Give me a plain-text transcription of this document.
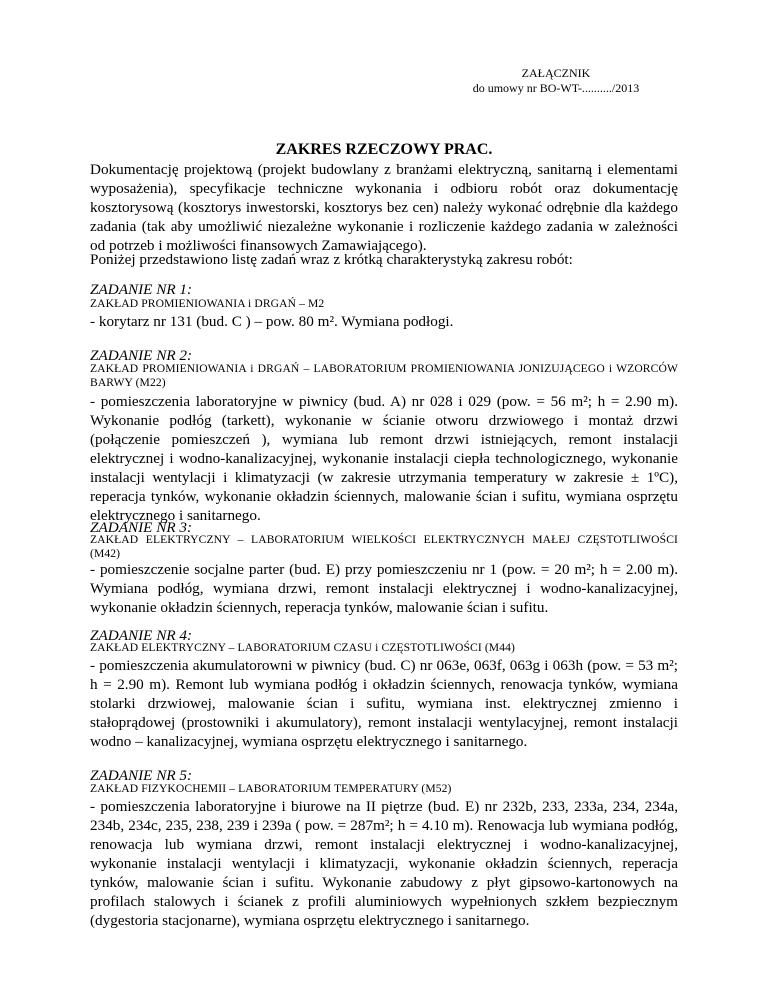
ZAŁĄCZNIK
do umowy nr BO-WT-........../2013
ZAKRES RZECZOWY PRAC.
Dokumentację projektową (projekt budowlany z branżami elektryczną, sanitarną i elementami wyposażenia), specyfikacje techniczne wykonania i odbioru robót oraz dokumentację kosztorysową (kosztorys inwestorski, kosztorys bez cen) należy wykonać odrębnie dla każdego zadania (tak aby umożliwić niezależne wykonanie i rozliczenie każdego zadania w zależności od potrzeb i możliwości finansowych Zamawiającego).
Poniżej przedstawiono listę zadań wraz z krótką charakterystyką zakresu robót:
ZADANIE NR 1:
ZAKŁAD PROMIENIOWANIA i DRGAŃ – M2
- korytarz nr 131 (bud. C ) – pow. 80 m². Wymiana podłogi.
ZADANIE NR 2:
ZAKŁAD PROMIENIOWANIA i DRGAŃ – LABORATORIUM PROMIENIOWANIA JONIZUJĄCEGO i WZORCÓW BARWY (M22)
- pomieszczenia laboratoryjne w piwnicy (bud. A) nr 028 i 029 (pow. = 56 m²; h = 2.90 m). Wykonanie podłóg (tarkett), wykonanie w ścianie otworu drzwiowego i montaż drzwi (połączenie pomieszczeń ), wymiana lub remont drzwi istniejących, remont instalacji elektrycznej i wodno-kanalizacyjnej, wykonanie instalacji ciepła technologicznego, wykonanie instalacji wentylacji i klimatyzacji (w zakresie utrzymania temperatury w zakresie ± 1ºC), reperacja tynków, wykonanie okładzin ściennych, malowanie ścian i sufitu, wymiana osprzętu elektrycznego i sanitarnego.
ZADANIE NR 3:
ZAKŁAD ELEKTRYCZNY – LABORATORIUM WIELKOŚCI ELEKTRYCZNYCH MAŁEJ CZĘSTOTLIWOŚCI (M42)
- pomieszczenie socjalne parter (bud. E) przy pomieszczeniu nr 1 (pow. = 20 m²; h = 2.00 m). Wymiana podłóg, wymiana drzwi, remont instalacji elektrycznej i wodno-kanalizacyjnej, wykonanie okładzin ściennych, reperacja tynków, malowanie ścian i sufitu.
ZADANIE NR 4:
ZAKŁAD ELEKTRYCZNY – LABORATORIUM CZASU i CZĘSTOTLIWOŚCI (M44)
- pomieszczenia akumulatorowni w piwnicy (bud. C) nr 063e, 063f, 063g i 063h (pow. = 53 m²; h = 2.90 m). Remont lub wymiana podłóg i okładzin ściennych, renowacja tynków, wymiana stolarki drzwiowej, malowanie ścian i sufitu, wymiana inst. elektrycznej zmienno i stałoprądowej (prostowniki i akumulatory), remont instalacji wentylacyjnej, remont instalacji wodno – kanalizacyjnej, wymiana osprzętu elektrycznego i sanitarnego.
ZADANIE NR 5:
ZAKŁAD FIZYKOCHEMII – LABORATORIUM TEMPERATURY (M52)
- pomieszczenia laboratoryjne i biurowe na II piętrze (bud. E) nr 232b, 233, 233a, 234, 234a, 234b, 234c, 235, 238, 239 i 239a ( pow. = 287m²; h = 4.10 m). Renowacja lub wymiana podłóg, renowacja lub wymiana drzwi, remont instalacji elektrycznej i wodno-kanalizacyjnej, wykonanie instalacji wentylacji i klimatyzacji, wykonanie okładzin ściennych, reperacja tynków, malowanie ścian i sufitu. Wykonanie zabudowy z płyt gipsowo-kartonowych na profilach stalowych i ścianek z profili aluminiowych wypełnionych szkłem bezpiecznym (dygestoria stacjonarne), wymiana osprzętu elektrycznego i sanitarnego.
